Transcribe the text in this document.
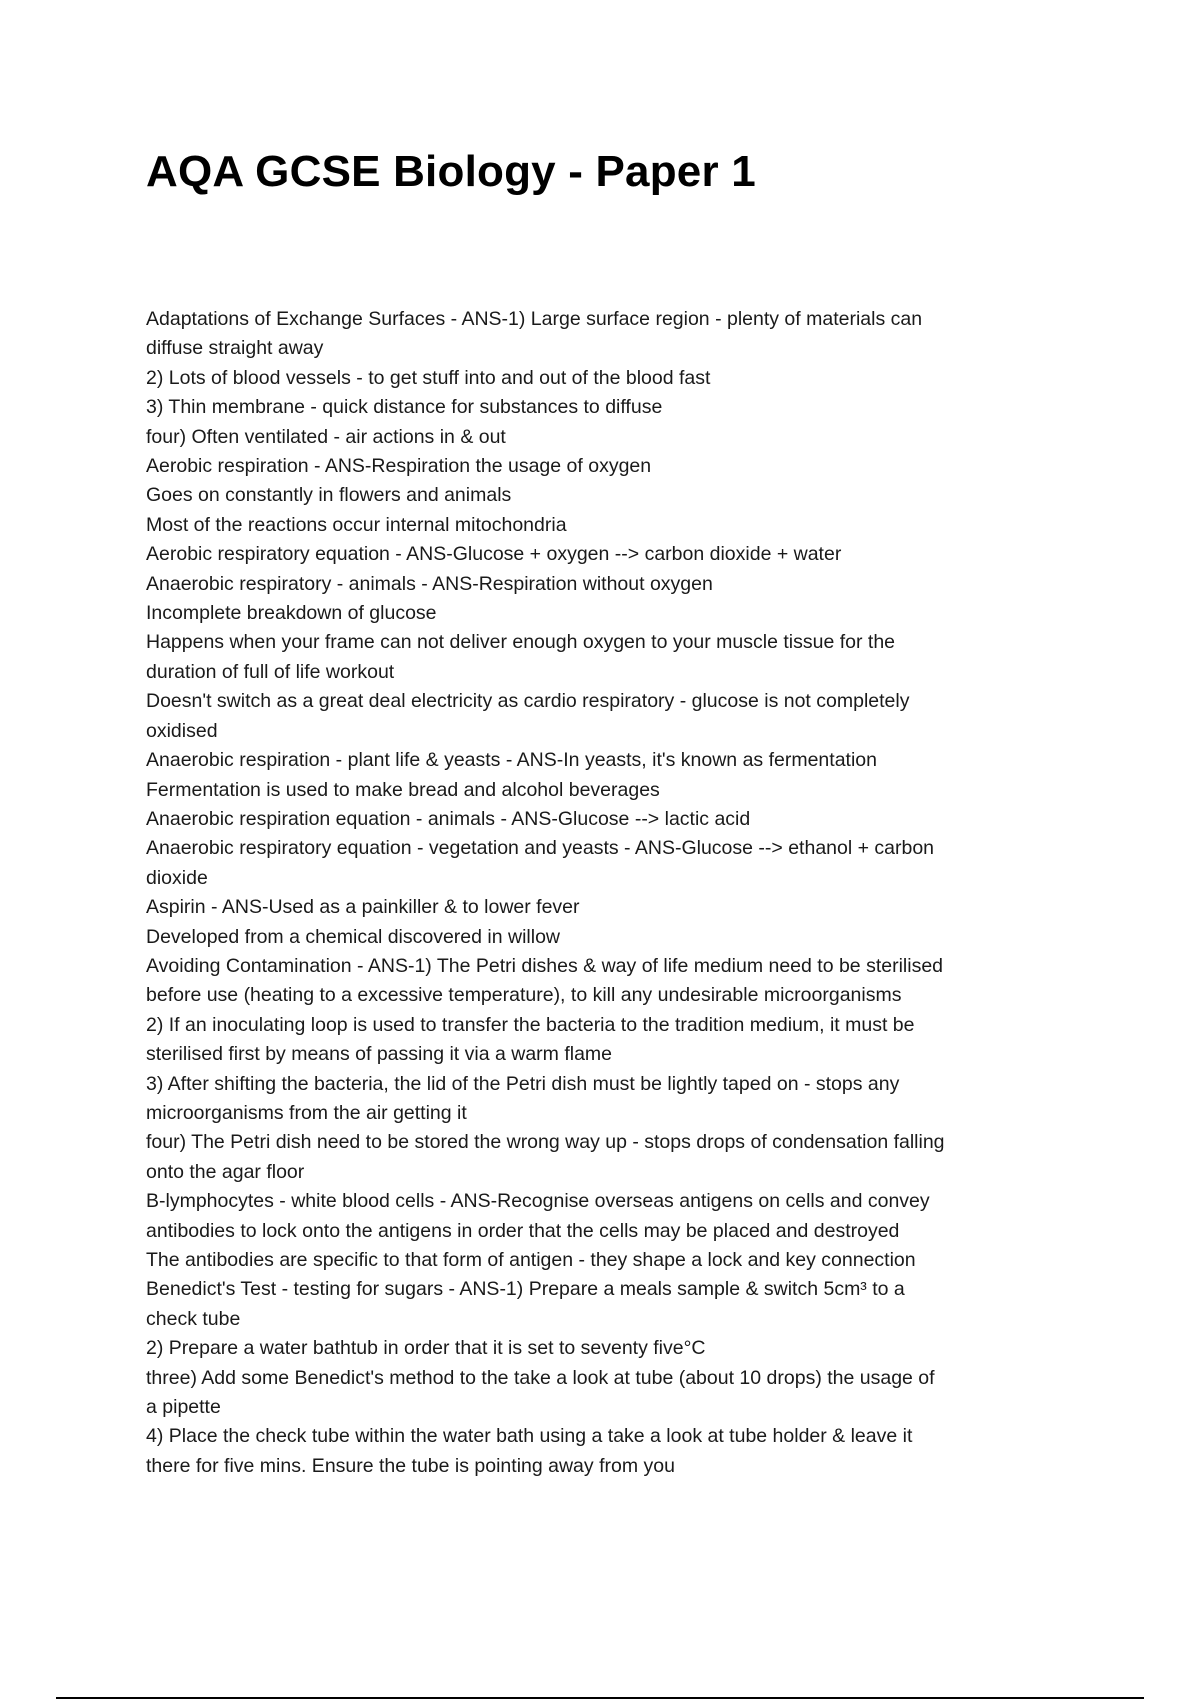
AQA GCSE Biology - Paper 1
Adaptations of Exchange Surfaces - ANS-1) Large surface region - plenty of materials can
diffuse straight away
2) Lots of blood vessels - to get stuff into and out of the blood fast
3) Thin membrane - quick distance for substances to diffuse
four) Often ventilated - air actions in & out
Aerobic respiration - ANS-Respiration the usage of oxygen
Goes on constantly in flowers and animals
Most of the reactions occur internal mitochondria
Aerobic respiratory equation - ANS-Glucose + oxygen --> carbon dioxide + water
Anaerobic respiratory - animals - ANS-Respiration without oxygen
Incomplete breakdown of glucose
Happens when your frame can not deliver enough oxygen to your muscle tissue for the
duration of full of life workout
Doesn't switch as a great deal electricity as cardio respiratory - glucose is not completely
oxidised
Anaerobic respiration - plant life & yeasts - ANS-In yeasts, it's known as fermentation
Fermentation is used to make bread and alcohol beverages
Anaerobic respiration equation - animals - ANS-Glucose --> lactic acid
Anaerobic respiratory equation - vegetation and yeasts - ANS-Glucose --> ethanol + carbon
dioxide
Aspirin - ANS-Used as a painkiller & to lower fever
Developed from a chemical discovered in willow
Avoiding Contamination - ANS-1) The Petri dishes & way of life medium need to be sterilised
before use (heating to a excessive temperature), to kill any undesirable microorganisms
2) If an inoculating loop is used to transfer the bacteria to the tradition medium, it must be
sterilised first by means of passing it via a warm flame
3) After shifting the bacteria, the lid of the Petri dish must be lightly taped on - stops any
microorganisms from the air getting it
four) The Petri dish need to be stored the wrong way up - stops drops of condensation falling
onto the agar floor
B-lymphocytes - white blood cells - ANS-Recognise overseas antigens on cells and convey
antibodies to lock onto the antigens in order that the cells may be placed and destroyed
The antibodies are specific to that form of antigen - they shape a lock and key connection
Benedict's Test - testing for sugars - ANS-1) Prepare a meals sample & switch 5cm³ to a
check tube
2) Prepare a water bathtub in order that it is set to seventy five°C
three) Add some Benedict's method to the take a look at tube (about 10 drops) the usage of
a pipette
4) Place the check tube within the water bath using a take a look at tube holder & leave it
there for five mins. Ensure the tube is pointing away from you
